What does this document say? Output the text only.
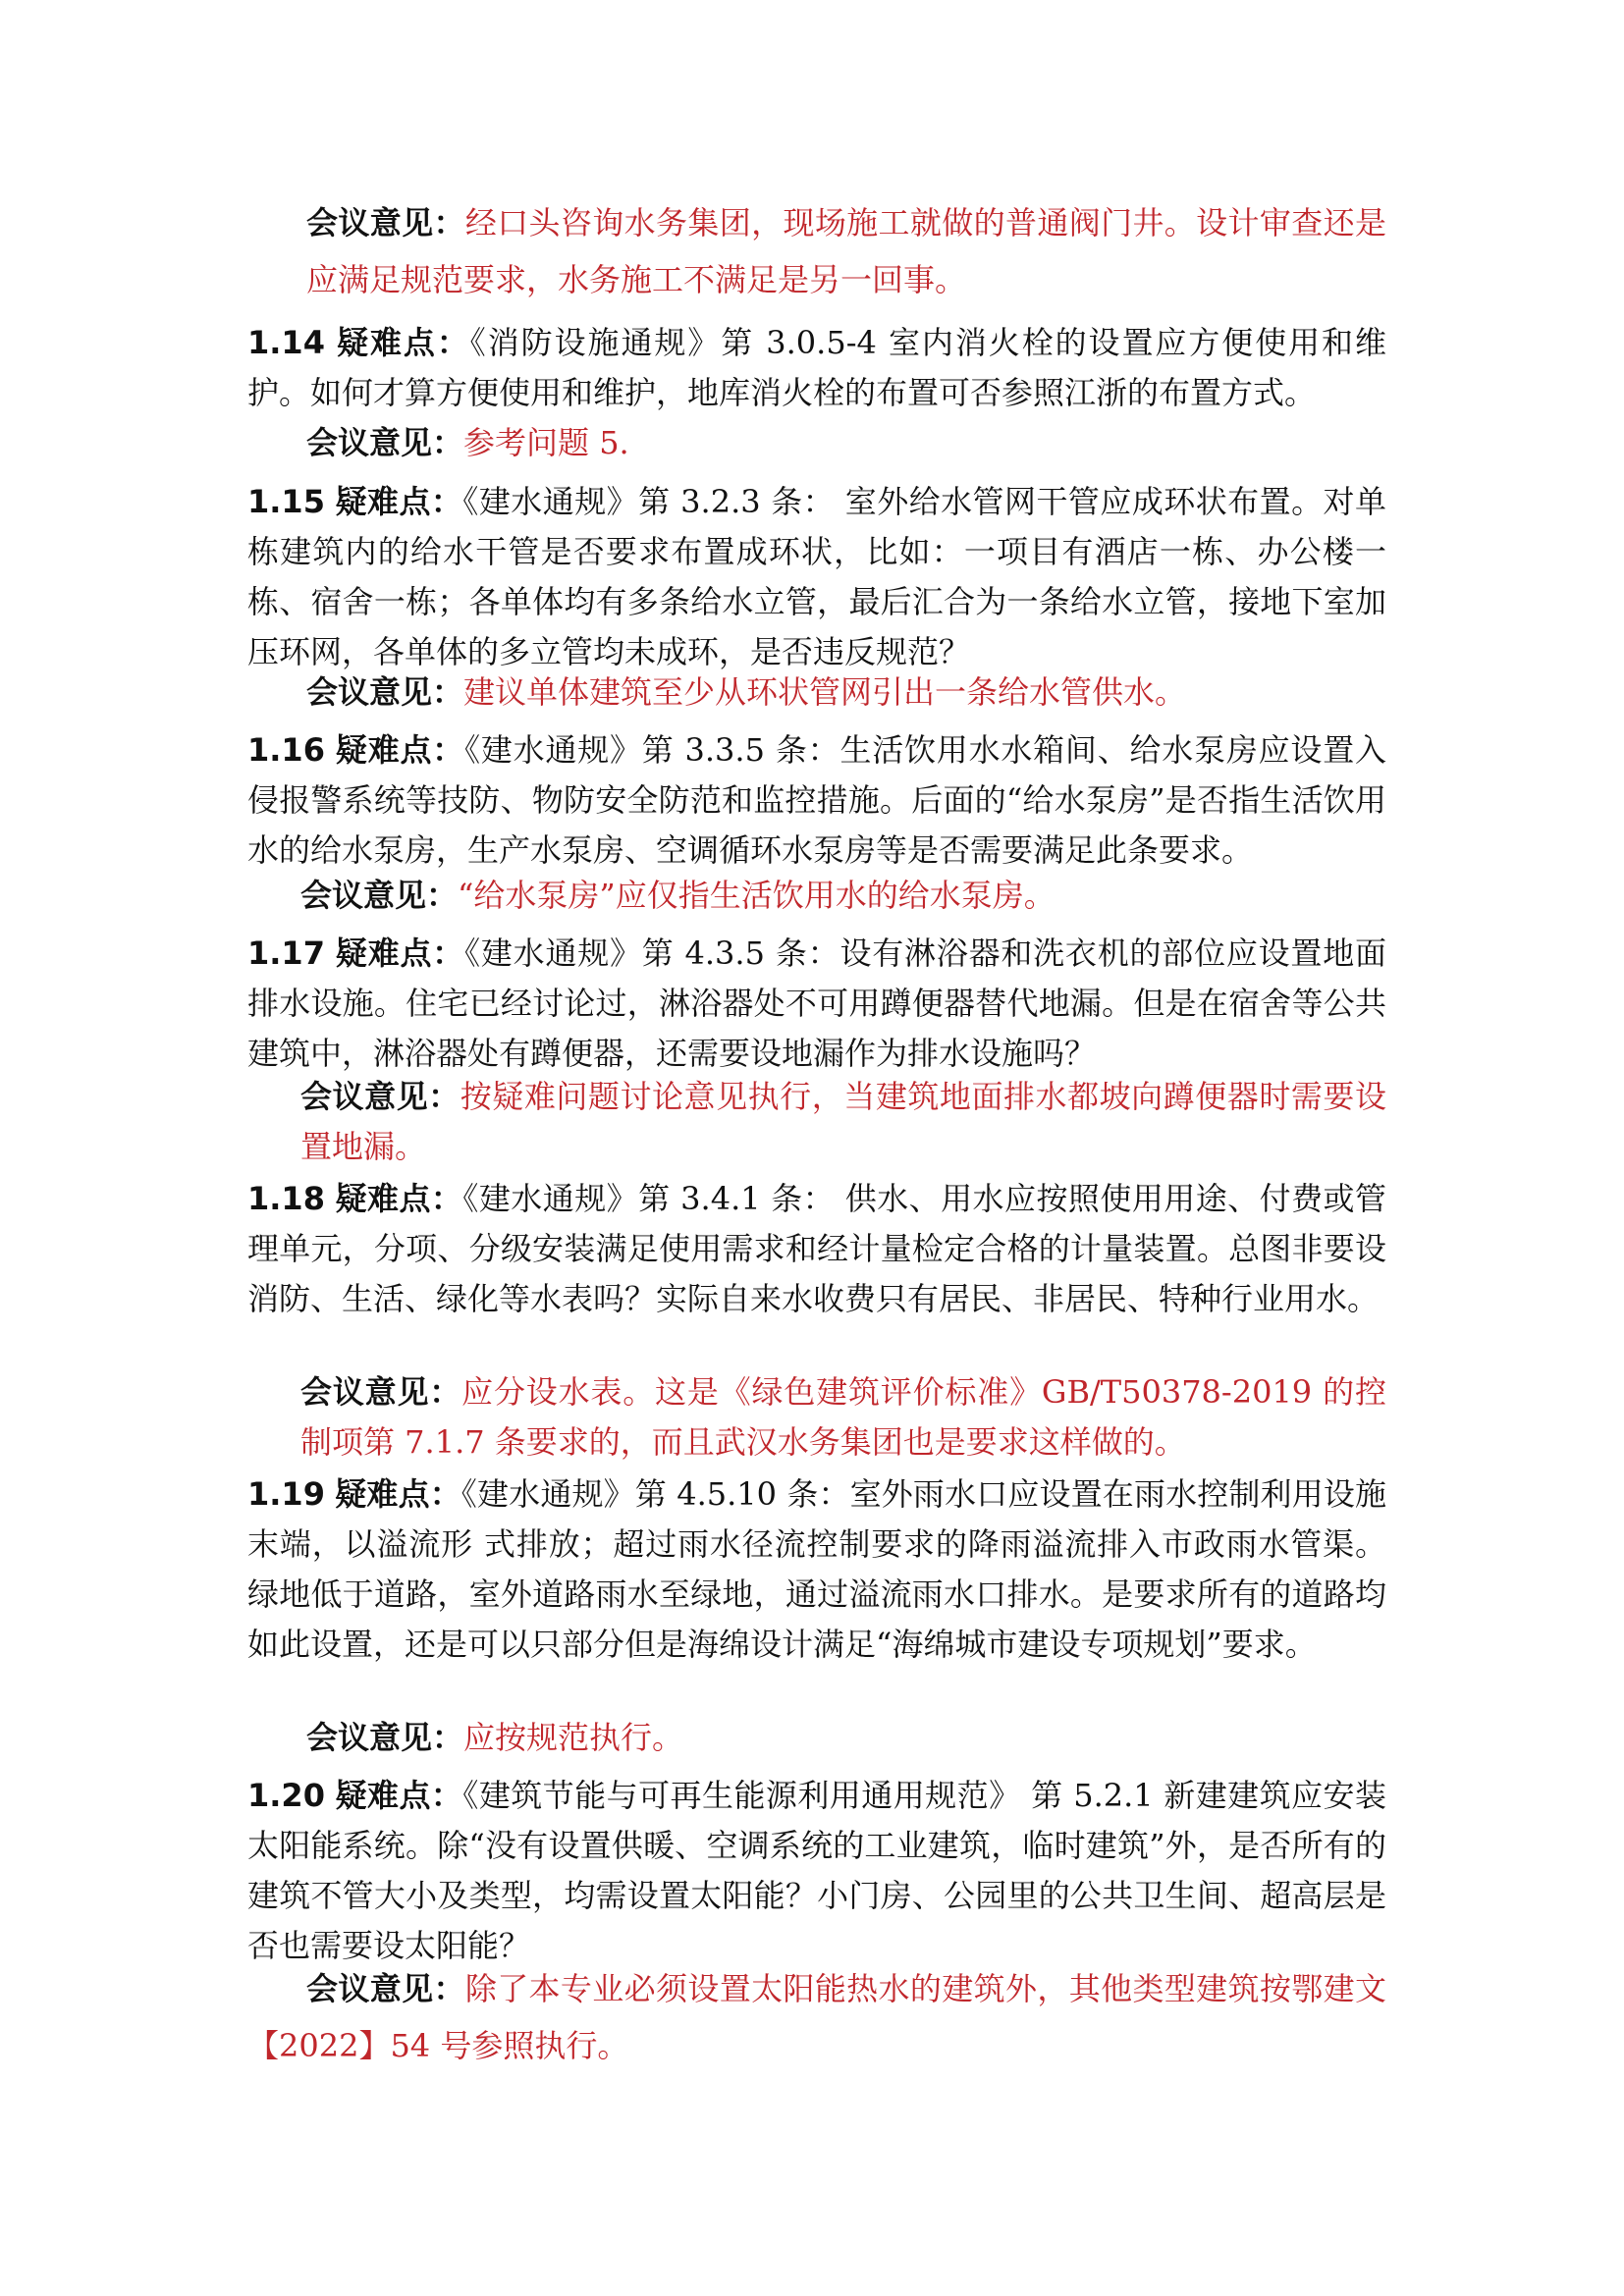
会议意见：经口头咨询水务集团，现场施工就做的普通阀门井。设计审查还是应满足规范要求，水务施工不满足是另一回事。
1.14 疑难点：《消防设施通规》第 3.0.5-4 室内消火栓的设置应方便使用和维护。如何才算方便使用和维护，地库消火栓的布置可否参照江浙的布置方式。
会议意见：参考问题 5.
1.15 疑难点：《建水通规》第 3.2.3 条： 室外给水管网干管应成环状布置。对单栋建筑内的给水干管是否要求布置成环状，比如：一项目有酒店一栋、办公楼一栋、宿舍一栋；各单体均有多条给水立管，最后汇合为一条给水立管，接地下室加压环网，各单体的多立管均未成环，是否违反规范？
会议意见：建议单体建筑至少从环状管网引出一条给水管供水。
1.16 疑难点：《建水通规》第 3.3.5 条：生活饮用水水箱间、给水泵房应设置入侵报警系统等技防、物防安全防范和监控措施。后面的“给水泵房”是否指生活饮用水的给水泵房，生产水泵房、空调循环水泵房等是否需要满足此条要求。
会议意见：“给水泵房”应仅指生活饮用水的给水泵房。
1.17 疑难点：《建水通规》第 4.3.5 条：设有淋浴器和洗衣机的部位应设置地面排水设施。住宅已经讨论过，淋浴器处不可用蹲便器替代地漏。但是在宿舍等公共建筑中，淋浴器处有蹲便器，还需要设地漏作为排水设施吗？
会议意见：按疑难问题讨论意见执行，当建筑地面排水都坡向蹲便器时需要设置地漏。
1.18 疑难点：《建水通规》第 3.4.1 条： 供水、用水应按照使用用途、付费或管理单元，分项、分级安装满足使用需求和经计量检定合格的计量装置。总图非要设消防、生活、绿化等水表吗？实际自来水收费只有居民、非居民、特种行业用水。
会议意见：应分设水表。这是《绿色建筑评价标准》GB/T50378-2019 的控制项第 7.1.7 条要求的，而且武汉水务集团也是要求这样做的。
1.19 疑难点：《建水通规》第 4.5.10 条：室外雨水口应设置在雨水控制利用设施末端，以溢流形 式排放；超过雨水径流控制要求的降雨溢流排入市政雨水管渠。绿地低于道路，室外道路雨水至绿地，通过溢流雨水口排水。是要求所有的道路均如此设置，还是可以只部分但是海绵设计满足“海绵城市建设专项规划”要求。
会议意见：应按规范执行。
1.20 疑难点：《建筑节能与可再生能源利用通用规范》 第 5.2.1 新建建筑应安装太阳能系统。除“没有设置供暖、空调系统的工业建筑，临时建筑”外，是否所有的建筑不管大小及类型，均需设置太阳能？小门房、公园里的公共卫生间、超高层是否也需要设太阳能？
会议意见：除了本专业必须设置太阳能热水的建筑外，其他类型建筑按鄂建文【2022】54 号参照执行。
